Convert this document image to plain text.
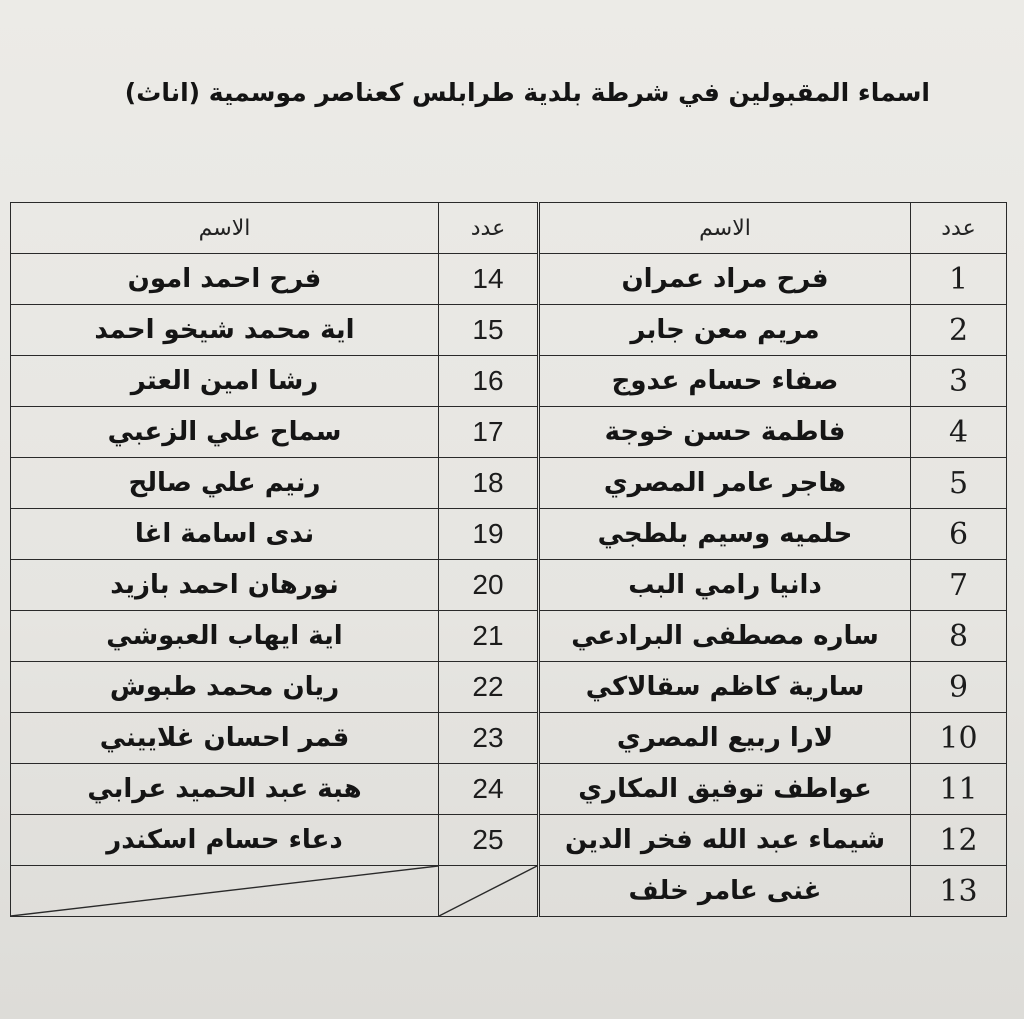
اسماء المقبولين في شرطة بلدية طرابلس كعناصر موسمية (اناث)
عدد	الاسم	عدد	الاسم
1	فرح مراد عمران	14	فرح احمد امون
2	مريم معن جابر	15	اية محمد شيخو احمد
3	صفاء حسام عدوج	16	رشا امين العتر
4	فاطمة حسن خوجة	17	سماح علي الزعبي
5	هاجر عامر المصري	18	رنيم علي صالح
6	حلميه وسيم بلطجي	19	ندى اسامة اغا
7	دانيا رامي البب	20	نورهان احمد بازيد
8	ساره مصطفى البرادعي	21	اية ايهاب العبوشي
9	سارية كاظم سقالاكي	22	ريان محمد طبوش
10	لارا ربيع المصري	23	قمر احسان غلاييني
11	عواطف توفيق المكاري	24	هبة عبد الحميد عرابي
12	شيماء عبد الله فخر الدين	25	دعاء حسام اسكندر
13	غنى عامر خلف	
